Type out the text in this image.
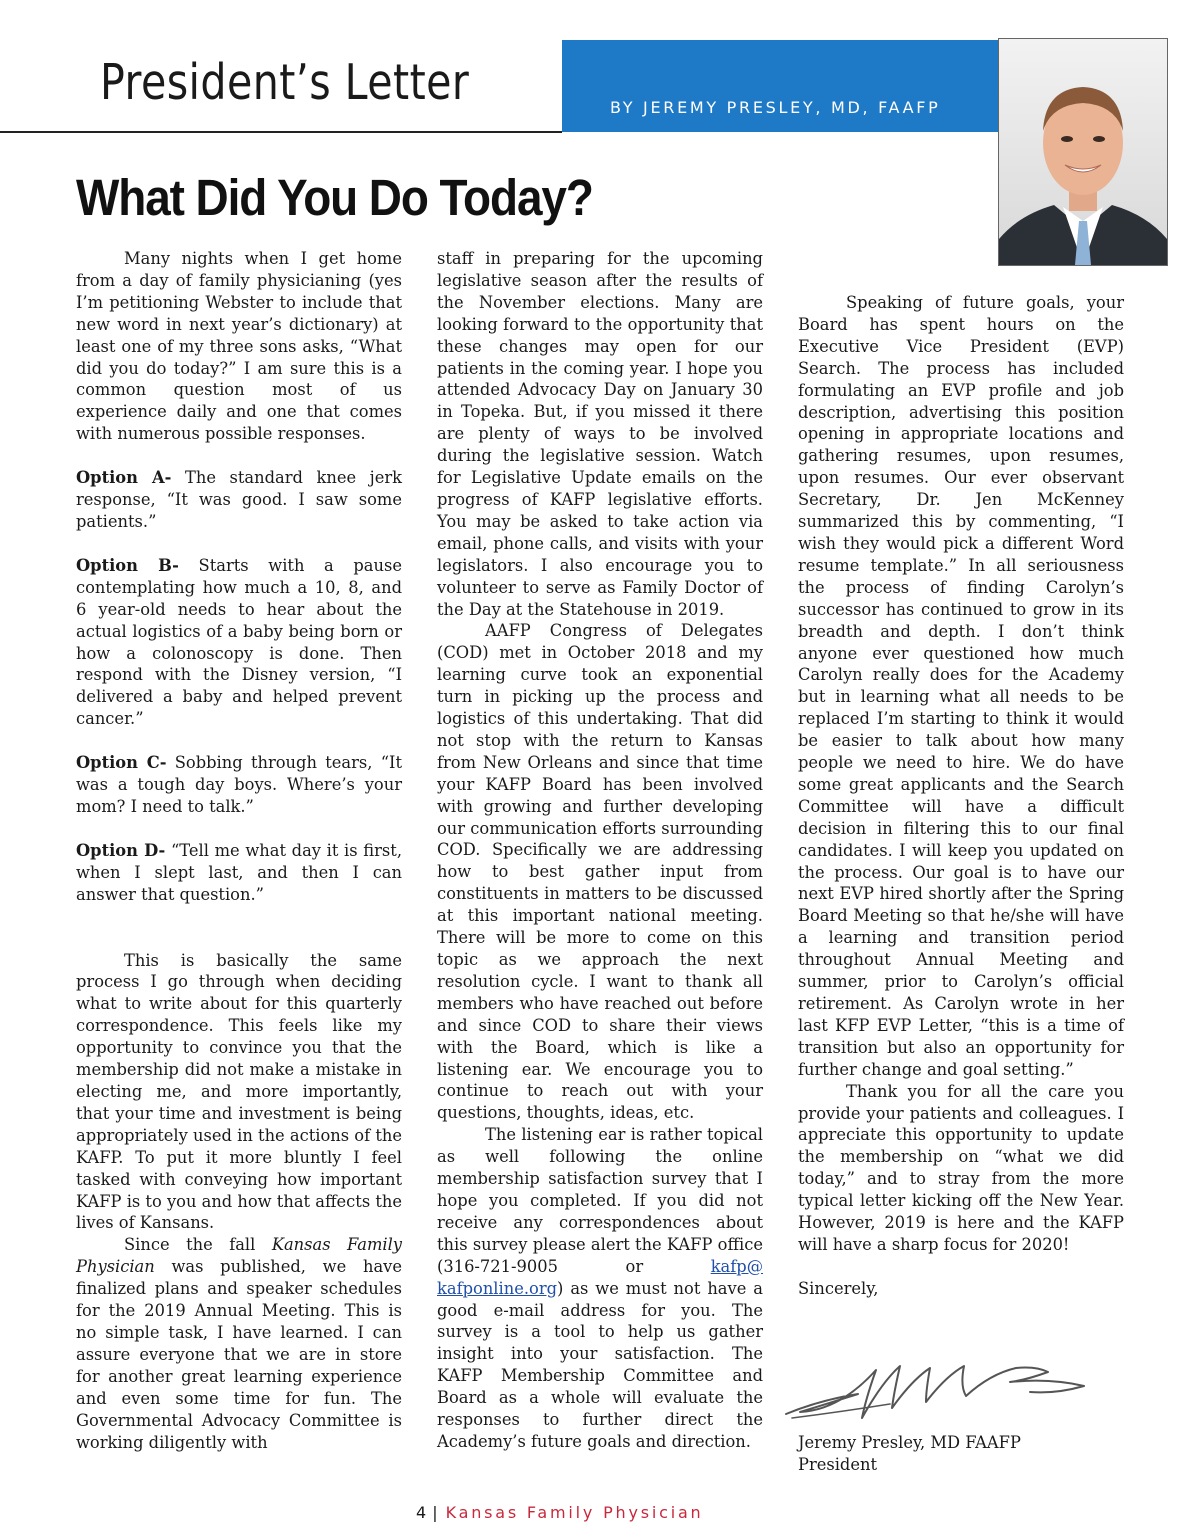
President’s Letter	BY JEREMY PRESLEY, MD, FAAFP
What Did You Do Today?

Many nights when I get home from a day of family physicianing (yes I’m petitioning Webster to include that new word in next year’s dictionary) at least one of my three sons asks, “What did you do today?” I am sure this is a common question most of us experience daily and one that comes with numerous possible responses.

Option A- The standard knee jerk response, “It was good. I saw some patients.”

Option B- Starts with a pause contemplating how much a 10, 8, and 6 year-old needs to hear about the actual logistics of a baby being born or how a colonoscopy is done. Then respond with the Disney version, “I delivered a baby and helped prevent cancer.”

Option C- Sobbing through tears, “It was a tough day boys. Where’s your mom? I need to talk.”

Option D- “Tell me what day it is first, when I slept last, and then I can answer that question.”

This is basically the same process I go through when deciding what to write about for this quarterly correspondence. This feels like my opportunity to convince you that the membership did not make a mistake in electing me, and more importantly, that your time and investment is being appropriately used in the actions of the KAFP. To put it more bluntly I feel tasked with conveying how important KAFP is to you and how that affects the lives of Kansans.

Since the fall Kansas Family Physician was published, we have finalized plans and speaker schedules for the 2019 Annual Meeting. This is no simple task, I have learned. I can assure everyone that we are in store for another great learning experience and even some time for fun. The Governmental Advocacy Committee is working diligently with

staff in preparing for the upcoming legislative season after the results of the November elections. Many are looking forward to the opportunity that these changes may open for our patients in the coming year. I hope you attended Advocacy Day on January 30 in Topeka. But, if you missed it there are plenty of ways to be involved during the legislative session. Watch for Legislative Update emails on the progress of KAFP legislative efforts. You may be asked to take action via email, phone calls, and visits with your legislators. I also encourage you to volunteer to serve as Family Doctor of the Day at the Statehouse in 2019.

AAFP Congress of Delegates (COD) met in October 2018 and my learning curve took an exponential turn in picking up the process and logistics of this undertaking. That did not stop with the return to Kansas from New Orleans and since that time your KAFP Board has been involved with growing and further developing our communication efforts surrounding COD. Specifically we are addressing how to best gather input from constituents in matters to be discussed at this important national meeting. There will be more to come on this topic as we approach the next resolution cycle. I want to thank all members who have reached out before and since COD to share their views with the Board, which is like a listening ear. We encourage you to continue to reach out with your questions, thoughts, ideas, etc.

The listening ear is rather topical as well following the online membership satisfaction survey that I hope you completed. If you did not receive any correspondences about this survey please alert the KAFP office (316-721-9005 or kafp@ kafponline.org) as we must not have a good e-mail address for you. The survey is a tool to help us gather insight into your satisfaction. The KAFP Membership Committee and Board as a whole will evaluate the responses to further direct the Academy’s future goals and direction.

Speaking of future goals, your Board has spent hours on the Executive Vice President (EVP) Search. The process has included formulating an EVP profile and job description, advertising this position opening in appropriate locations and gathering resumes, upon resumes, upon resumes. Our ever observant Secretary, Dr. Jen McKenney summarized this by commenting, “I wish they would pick a different Word resume template.” In all seriousness the process of finding Carolyn’s successor has continued to grow in its breadth and depth. I don’t think anyone ever questioned how much Carolyn really does for the Academy but in learning what all needs to be replaced I’m starting to think it would be easier to talk about how many people we need to hire. We do have some great applicants and the Search Committee will have a difficult decision in filtering this to our final candidates. I will keep you updated on the process. Our goal is to have our next EVP hired shortly after the Spring Board Meeting so that he/she will have a learning and transition period throughout Annual Meeting and summer, prior to Carolyn’s official retirement. As Carolyn wrote in her last KFP EVP Letter, “this is a time of transition but also an opportunity for further change and goal setting.”

Thank you for all the care you provide your patients and colleagues. I appreciate this opportunity to update the membership on “what we did today,” and to stray from the more typical letter kicking off the New Year. However, 2019 is here and the KAFP will have a sharp focus for 2020!

Sincerely,

Jeremy Presley, MD FAAFP
President
4 | Kansas Family Physician
